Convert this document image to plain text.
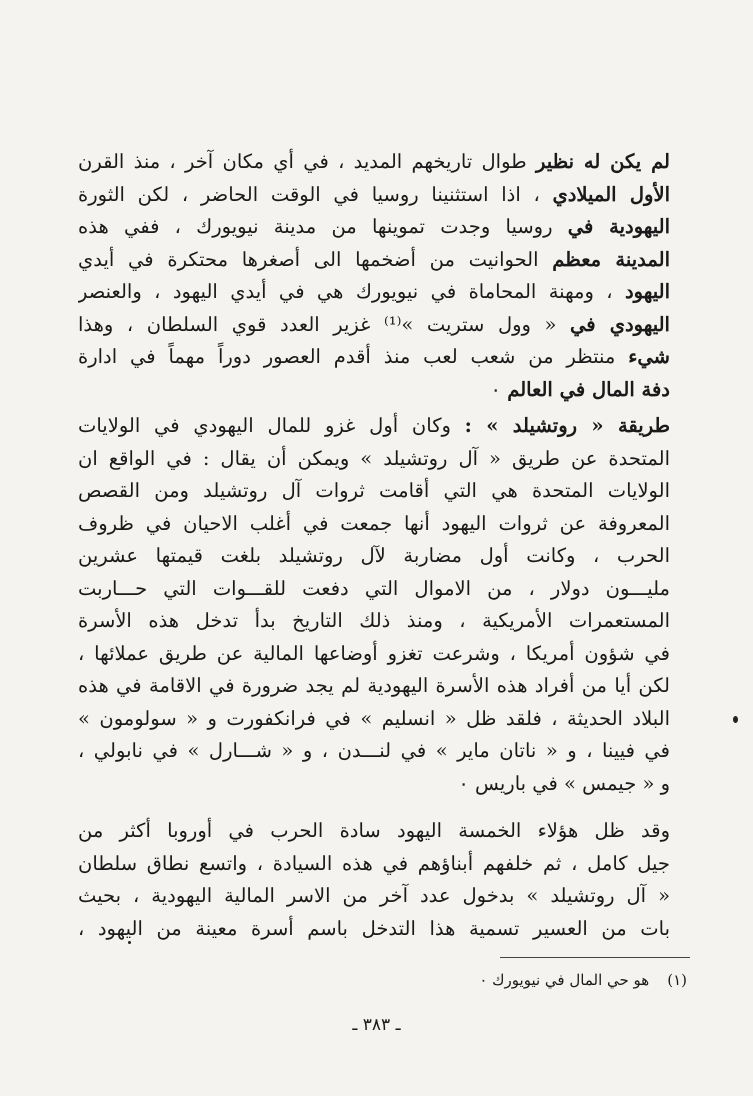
لم يكن له نظير طوال تاريخهم المديد ، في أي مكان آخر ، منذ القرن
الأول الميلادي ، اذا استثنينا روسيا في الوقت الحاضر ، لكن الثورة
اليهودية في روسيا وجدت تموينها من مدينة نيويورك ، ففي هذه
المدينة معظم الحوانيت من أضخمها الى أصغرها محتكرة في أيدي
اليهود ، ومهنة المحاماة في نيويورك هي في أيدي اليهود ، والعنصر
اليهودي في « وول ستريت »⁽¹⁾ غزير العدد قوي السلطان ، وهذا
شيء منتظر من شعب لعب منذ أقدم العصور دوراً مهماً في ادارة
دفة المال في العالم ٠
طريقة « روتشيلد » : وكان أول غزو للمال اليهودي في الولايات
المتحدة عن طريق « آل روتشيلد » ويمكن أن يقال : في الواقع ان
الولايات المتحدة هي التي أقامت ثروات آل روتشيلد ومن القصص
المعروفة عن ثروات اليهود أنها جمعت في أغلب الاحيان في ظروف
الحرب ، وكانت أول مضاربة لآل روتشيلد بلغت قيمتها عشرين
مليـــون دولار ، من الاموال التي دفعت للقـــوات التي حـــاربت
المستعمرات الأمريكية ، ومنذ ذلك التاريخ بدأ تدخل هذه الأسرة
في شؤون أمريكا ، وشرعت تغزو أوضاعها المالية عن طريق عملائها ،
لكن أيا من أفراد هذه الأسرة اليهودية لم يجد ضرورة في الاقامة في هذه
البلاد الحديثة ، فلقد ظل « انسليم » في فرانكفورت و « سولومون »
في فيينا ، و « ناتان ماير » في لنـــدن ، و « شـــارل » في نابولي ،
و « جيمس » في باريس ٠
وقد ظل هؤلاء الخمسة اليهود سادة الحرب في أوروبا أكثر من
جيل كامل ، ثم خلفهم أبناؤهم في هذه السيادة ، واتسع نطاق سلطان
« آل روتشيلد » بدخول عدد آخر من الاسر المالية اليهودية ، بحيث
بات من العسير تسمية هذا التدخل باسم أسرة معينة من اليهود ،
(١)هو حي المال في نيويورك ٠
ـ ٣٨٣ ـ
